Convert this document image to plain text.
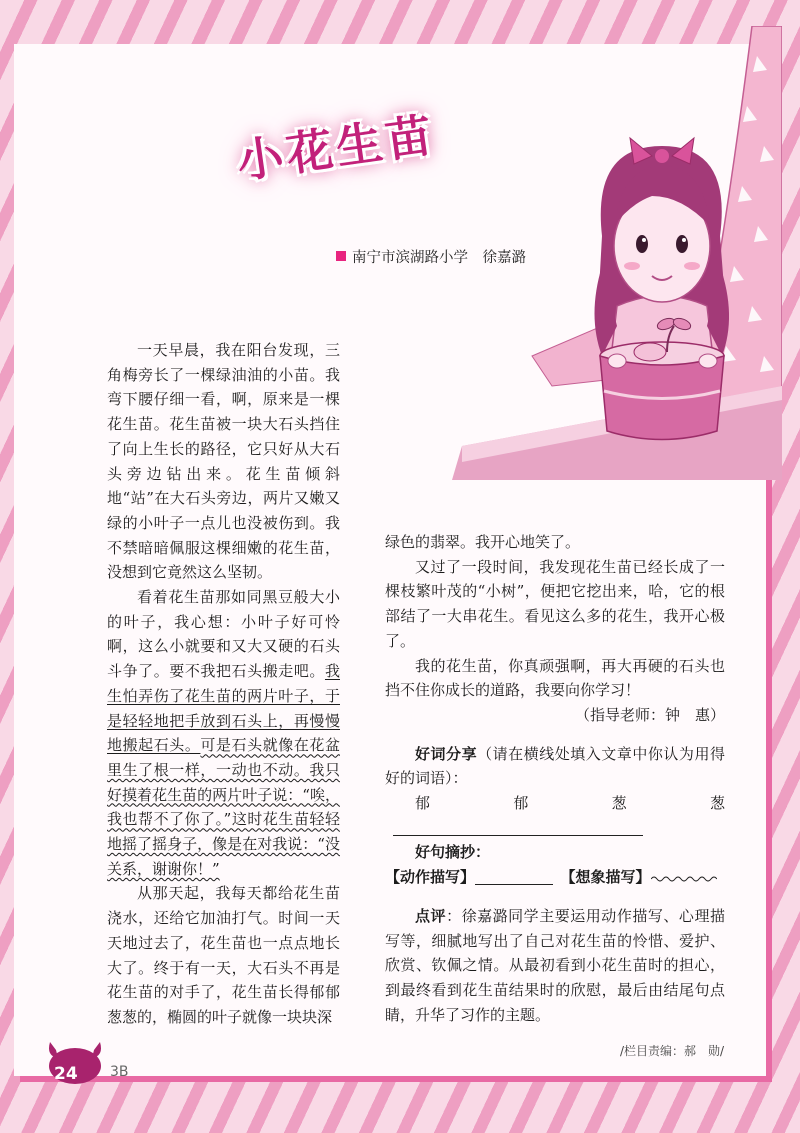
小花生苗
南宁市滨湖路小学　徐嘉潞

一天早晨，我在阳台发现，三角梅旁长了一棵绿油油的小苗。我弯下腰仔细一看，啊，原来是一棵花生苗。花生苗被一块大石头挡住了向上生长的路径，它只好从大石头旁边钻出来。花生苗倾斜地“站”在大石头旁边，两片又嫩又绿的小叶子一点儿也没被伤到。我不禁暗暗佩服这棵细嫩的花生苗，没想到它竟然这么坚韧。

看着花生苗那如同黑豆般大小的叶子，我心想：小叶子好可怜啊，这么小就要和又大又硬的石头斗争了。要不我把石头搬走吧。我生怕弄伤了花生苗的两片叶子，于是轻轻地把手放到石头上，再慢慢地搬起石头。可是石头就像在花盆里生了根一样，一动也不动。我只好摸着花生苗的两片叶子说：“唉，我也帮不了你了。”这时花生苗轻轻地摇了摇身子，像是在对我说：“没关系，谢谢你！”

从那天起，我每天都给花生苗浇水，还给它加油打气。时间一天天地过去了，花生苗也一点点地长大了。终于有一天，大石头不再是花生苗的对手了，花生苗长得郁郁葱葱的，椭圆的叶子就像一块块深

绿色的翡翠。我开心地笑了。

又过了一段时间，我发现花生苗已经长成了一棵枝繁叶茂的“小树”，便把它挖出来，哈，它的根部结了一大串花生。看见这么多的花生，我开心极了。

我的花生苗，你真顽强啊，再大再硬的石头也挡不住你成长的道路，我要向你学习！

（指导老师：钟　惠）

好词分享（请在横线处填入文章中你认为用得好的词语）：

郁郁葱葱

好句摘抄：

【动作描写】　	【想象描写】

点评：徐嘉潞同学主要运用动作描写、心理描写等，细腻地写出了自己对花生苗的怜惜、爱护、欣赏、钦佩之情。从最初看到小花生苗时的担心，到最终看到花生苗结果时的欣慰，最后由结尾句点睛，升华了习作的主题。

/栏目责编：郝　勋/
24 3B
